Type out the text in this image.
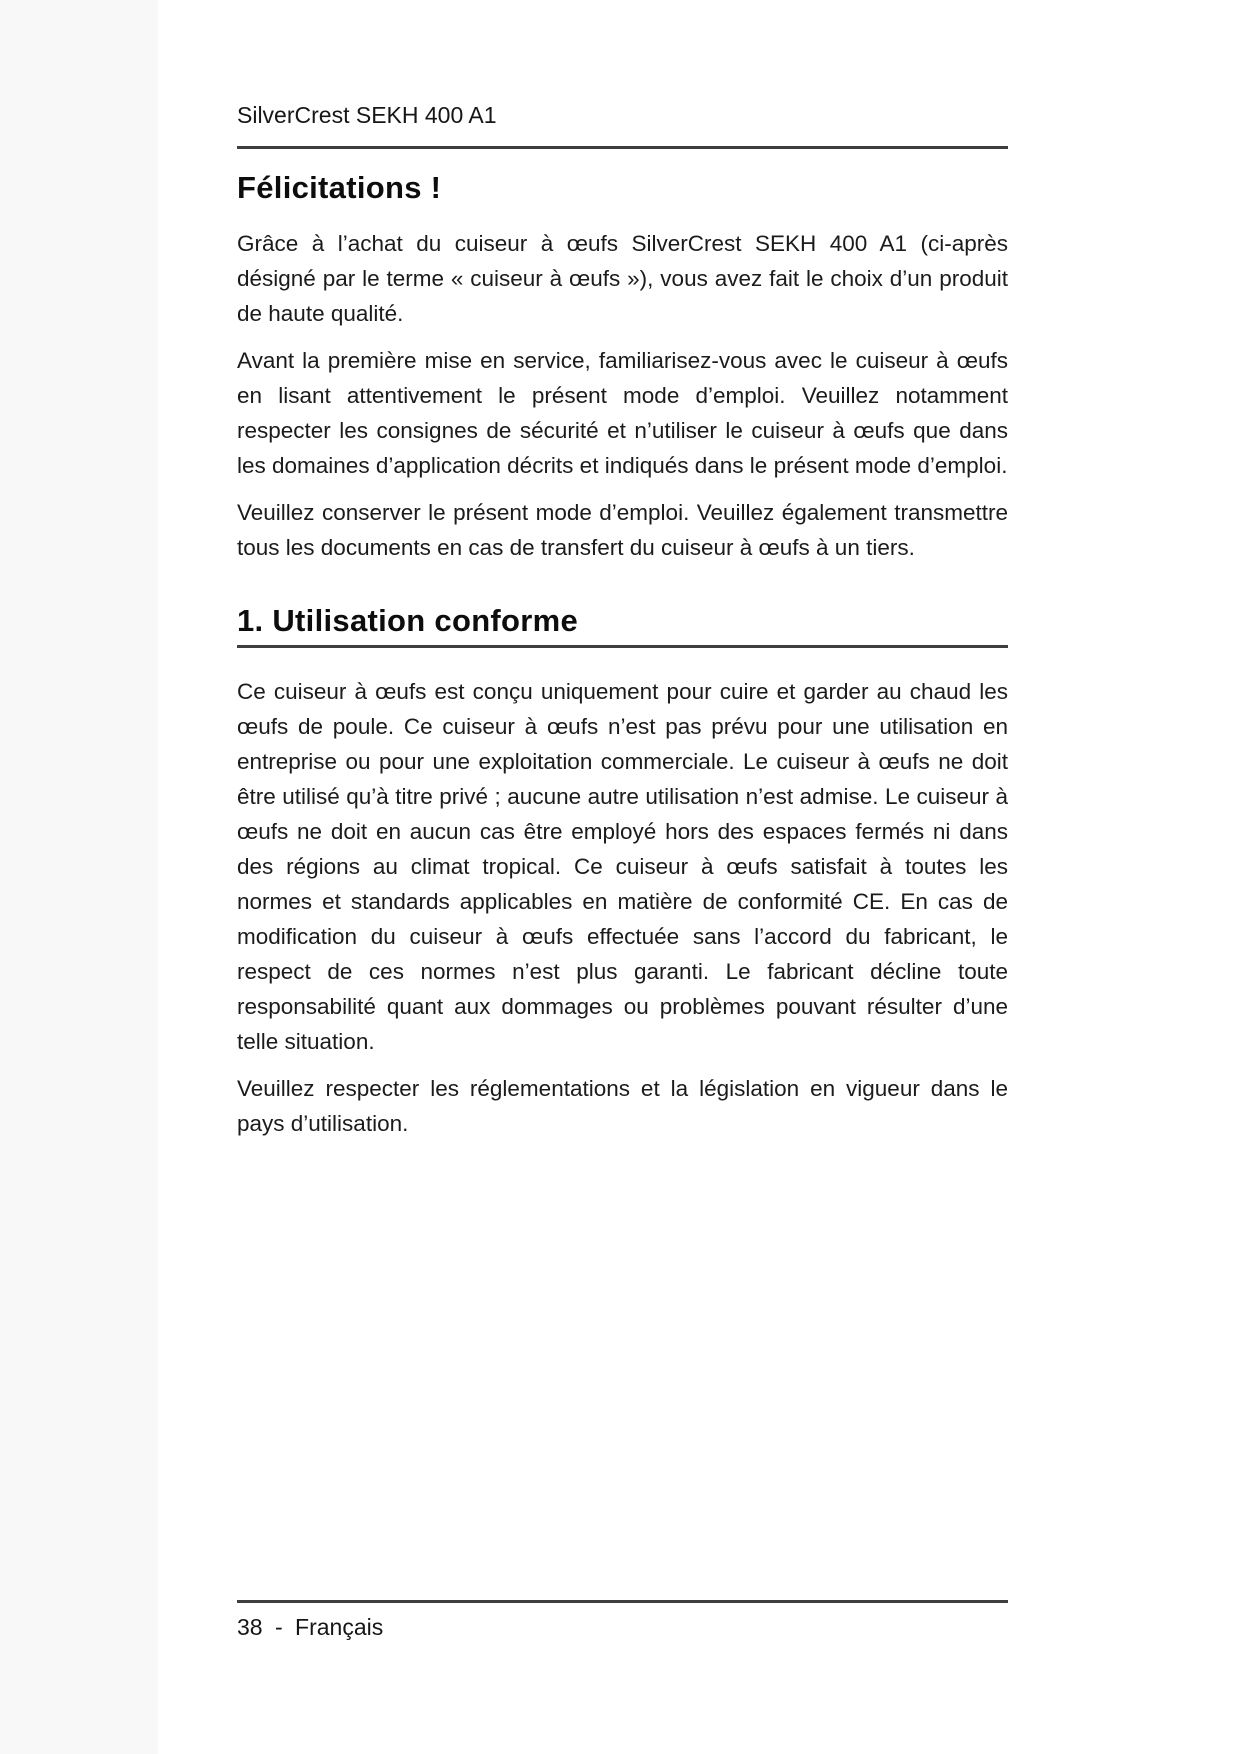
SilverCrest SEKH 400 A1
Félicitations !

Grâce à l’achat du cuiseur à œufs SilverCrest SEKH 400 A1 (ci-après désigné par le terme « cuiseur à œufs »), vous avez fait le choix d’un produit de haute qualité.

Avant la première mise en service, familiarisez-vous avec le cuiseur à œufs en lisant attentivement le présent mode d’emploi. Veuillez notamment respecter les consignes de sécurité et n’utiliser le cuiseur à œufs que dans les domaines d’application décrits et indiqués dans le présent mode d’emploi.

Veuillez conserver le présent mode d’emploi. Veuillez également transmettre tous les documents en cas de transfert du cuiseur à œufs à un tiers.

1. Utilisation conforme

Ce cuiseur à œufs est conçu uniquement pour cuire et garder au chaud les œufs de poule. Ce cuiseur à œufs n’est pas prévu pour une utilisation en entreprise ou pour une exploitation commerciale. Le cuiseur à œufs ne doit être utilisé qu’à titre privé ; aucune autre utilisation n’est admise. Le cuiseur à œufs ne doit en aucun cas être employé hors des espaces fermés ni dans des régions au climat tropical. Ce cuiseur à œufs satisfait à toutes les normes et standards applicables en matière de conformité CE. En cas de modification du cuiseur à œufs effectuée sans l’accord du fabricant, le respect de ces normes n’est plus garanti. Le fabricant décline toute responsabilité quant aux dommages ou problèmes pouvant résulter d’une telle situation.

Veuillez respecter les réglementations et la législation en vigueur dans le pays d’utilisation.

38 - Français
